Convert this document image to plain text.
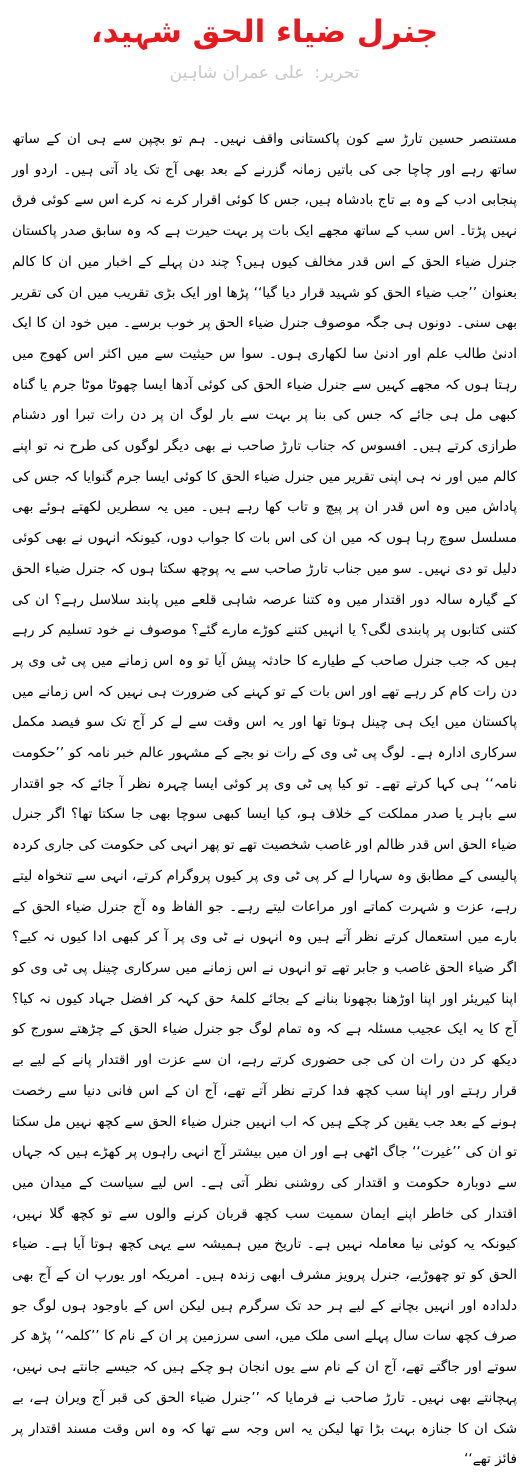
جنرل ضیاء الحق شہید،
تحریر:علی عمران شاہین

مستنصر حسین تارڑ سے کون پاکستانی واقف نہیں۔ ہم تو بچپن سے ہی ان کے ساتھ ساتھ رہے اور چاچا جی کی باتیں زمانہ گزرنے کے بعد بھی آج تک یاد آتی ہیں۔ اردو اور پنجابی ادب کے وہ بے تاج بادشاہ ہیں، جس کا کوئی اقرار کرے نہ کرے اس سے کوئی فرق نہیں پڑتا۔ اس سب کے ساتھ مجھے ایک بات پر بہت حیرت ہے کہ وہ سابق صدر پاکستان جنرل ضیاء الحق کے اس قدر مخالف کیوں ہیں؟ چند دن پہلے کے اخبار میں ان کا کالم بعنوان ’’جب ضیاء الحق کو شہید قرار دیا گیا‘‘ پڑھا اور ایک بڑی تقریب میں ان کی تقریر بھی سنی۔ دونوں ہی جگہ موصوف جنرل ضیاء الحق پر خوب برسے۔ میں خود ان کا ایک ادنیٰ طالب علم اور ادنیٰ سا لکھاری ہوں۔ سوا س حیثیت سے میں اکثر اس کھوج میں رہتا ہوں کہ مجھے کہیں سے جنرل ضیاء الحق کی کوئی آدھا ایسا چھوٹا موٹا جرم یا گناہ کبھی مل ہی جائے کہ جس کی بنا پر بہت سے بار لوگ ان پر دن رات تبرا اور دشنام طرازی کرتے ہیں۔ افسوس کہ جناب تارڑ صاحب نے بھی دیگر لوگوں کی طرح نہ تو اپنے کالم میں اور نہ ہی اپنی تقریر میں جنرل ضیاء الحق کا کوئی ایسا جرم گنوایا کہ جس کی پاداش میں وہ اس قدر ان پر پیچ و تاب کھا رہے ہیں۔ میں یہ سطریں لکھتے ہوئے بھی مسلسل سوچ رہا ہوں کہ میں ان کی اس بات کا جواب دوں، کیونکہ انہوں نے بھی کوئی دلیل تو دی نہیں۔ سو میں جناب تارڑ صاحب سے یہ پوچھ سکتا ہوں کہ جنرل ضیاء الحق کے گیارہ سالہ دور اقتدار میں وہ کتنا عرصہ شاہی قلعے میں پابند سلاسل رہے؟ ان کی کتنی کتابوں پر پابندی لگی؟ یا انہیں کتنے کوڑے مارے گئے؟ موصوف نے خود تسلیم کر رہے ہیں کہ جب جنرل صاحب کے طیارے کا حادثہ پیش آیا تو وہ اس زمانے میں پی ٹی وی پر دن رات کام کر رہے تھے اور اس بات کے تو کہنے کی ضرورت ہی نہیں کہ اس زمانے میں پاکستان میں ایک ہی چینل ہوتا تھا اور یہ اس وقت سے لے کر آج تک سو فیصد مکمل سرکاری ادارہ ہے۔ لوگ پی ٹی وی کے رات نو بجے کے مشہور عالم خبر نامہ کو ’’حکومت نامہ‘‘ ہی کہا کرتے تھے۔ تو کیا پی ٹی وی پر کوئی ایسا چہرہ نظر آ جائے کہ جو اقتدار سے باہر یا صدر مملکت کے خلاف ہو، کیا ایسا کبھی سوچا بھی جا سکتا تھا؟ اگر جنرل ضیاء الحق اس قدر ظالم اور غاصب شخصیت تھے تو پھر انہی کی حکومت کی جاری کردہ پالیسی کے مطابق وہ سہارا لے کر پی ٹی وی پر کیوں پروگرام کرتے، انہی سے تنخواہ لیتے رہے، عزت و شہرت کماتے اور مراعات لیتے رہے۔ جو الفاظ وہ آج جنرل ضیاء الحق کے بارے میں استعمال کرتے نظر آتے ہیں وہ انہوں نے ٹی وی پر آ کر کبھی ادا کیوں نہ کیے؟ اگر ضیاء الحق غاصب و جابر تھے تو انہوں نے اس زمانے میں سرکاری چینل پی ٹی وی کو اپنا کیریئر اور اپنا اوڑھنا بچھونا بنانے کے بجائے کلمۂ حق کہہ کر افضل جہاد کیوں نہ کیا؟ آج کا یہ ایک عجیب مسئلہ ہے کہ وہ تمام لوگ جو جنرل ضیاء الحق کے چڑھتے سورج کو دیکھ کر دن رات ان کی جی حضوری کرتے رہے، ان سے عزت اور اقتدار پانے کے لیے بے قرار رہتے اور اپنا سب کچھ فدا کرتے نظر آتے تھے، آج ان کے اس فانی دنیا سے رخصت ہونے کے بعد جب یقین کر چکے ہیں کہ اب انہیں جنرل ضیاء الحق سے کچھ نہیں مل سکتا تو ان کی ’’غیرت‘‘ جاگ اٹھی ہے اور ان میں بیشتر آج انہی راہوں پر کھڑے ہیں کہ جہاں سے دوبارہ حکومت و اقتدار کی روشنی نظر آتی ہے۔ اس لیے سیاست کے میدان میں اقتدار کی خاطر اپنے ایمان سمیت سب کچھ قربان کرنے والوں سے تو کچھ گلا نہیں، کیونکہ یہ کوئی نیا معاملہ نہیں ہے۔ تاریخ میں ہمیشہ سے یہی کچھ ہوتا آیا ہے۔ ضیاء الحق کو تو چھوڑیے، جنرل پرویز مشرف ابھی زندہ ہیں۔ امریکہ اور یورپ ان کے آج بھی دلدادہ اور انہیں بچانے کے لیے ہر حد تک سرگرم ہیں لیکن اس کے باوجود ہوں لوگ جو صرف کچھ سات سال پہلے اسی ملک میں، اسی سرزمین پر ان کے نام کا ’’کلمہ‘‘ پڑھ کر سوتے اور جاگتے تھے، آج ان کے نام سے یوں انجان ہو چکے ہیں کہ جیسے جانتے ہی نہیں، پہچانتے بھی نہیں۔ تارڑ صاحب نے فرمایا کہ ’’جنرل ضیاء الحق کی قبر آج ویران ہے، بے شک ان کا جنازہ بہت بڑا تھا لیکن یہ اس وجہ سے تھا کہ وہ اس وقت مسند اقتدار پر فائز تھے‘‘
